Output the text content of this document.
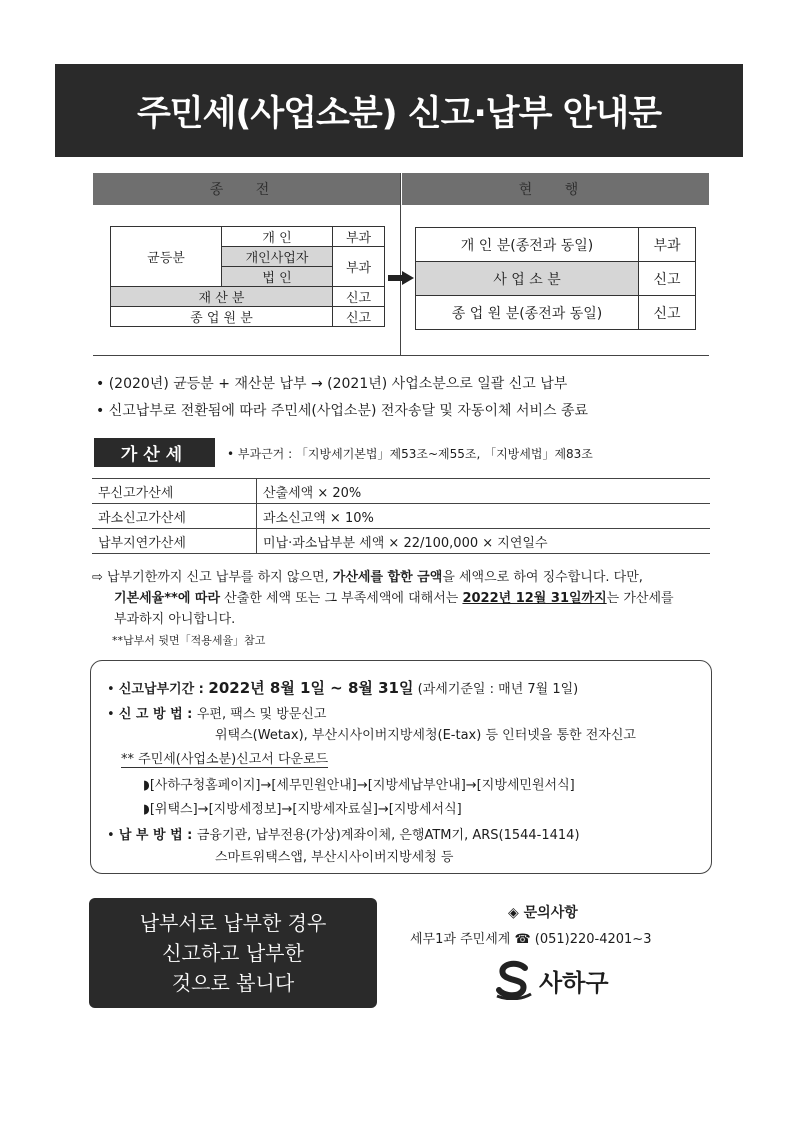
주민세(사업소분) 신고·납부 안내문
종 전	현 행
균등분	개 인	부과
	개인사업자	부과
	법 인	
재 산 분		신고
종 업 원 분		신고
개 인 분(종전과 동일)	부과
사 업 소 분	신고
종 업 원 분(종전과 동일)	신고
• (2020년) 균등분 + 재산분 납부 → (2021년) 사업소분으로 일괄 신고 납부
• 신고납부로 전환됨에 따라 주민세(사업소분) 전자송달 및 자동이체 서비스 종료
가산세	• 부과근거 : 「지방세기본법」제53조~제55조, 「지방세법」제83조
무신고가산세	산출세액 × 20%
과소신고가산세	과소신고액 × 10%
납부지연가산세	미납·과소납부분 세액 × 22/100,000 × 지연일수
⇨ 납부기한까지 신고 납부를 하지 않으면, 가산세를 합한 금액을 세액으로 하여 징수합니다. 다만,
기본세율**에 따라 산출한 세액 또는 그 부족세액에 대해서는 2022년 12월 31일까지는 가산세를
부과하지 아니합니다.
**납부서 뒷면「적용세율」참고
• 신고납부기간 : 2022년 8월 1일 ~ 8월 31일 (과세기준일 : 매년 7월 1일)
• 신 고 방 법 : 우편, 팩스 및 방문신고
위택스(Wetax), 부산시사이버지방세청(E-tax) 등 인터넷을 통한 전자신고
** 주민세(사업소분)신고서 다운로드
◗[사하구청홈페이지]→[세무민원안내]→[지방세납부안내]→[지방세민원서식]
◗[위택스]→[지방세정보]→[지방세자료실]→[지방세서식]
• 납 부 방 법 : 금융기관, 납부전용(가상)계좌이체, 은행ATM기, ARS(1544-1414)
스마트위택스앱, 부산시사이버지방세청 등
납부서로 납부한 경우
신고하고 납부한
것으로 봅니다
◈ 문의사항
세무1과 주민세계 ☎ (051)220-4201~3
사하구
